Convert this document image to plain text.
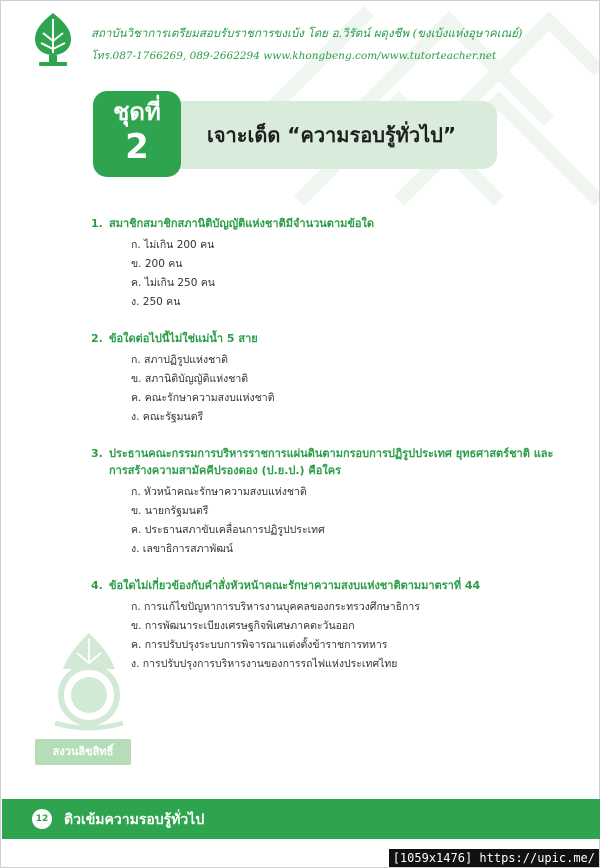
สถาบันวิชาการเตรียมสอบรับราชการขงเบ้ง โดย อ.วิรัตน์ ผดุงชีพ (ขงเบ้งแห่งอุษาคเณย์)
โทร.087-1766269, 089-2662294 www.khongbeng.com/www.tutorteacher.net
ชุดที่
2	เจาะเด็ด “ความรอบรู้ทั่วไป”
1. สมาชิกสมาชิกสภานิติบัญญัติแห่งชาติมีจำนวนตามข้อใด
ก. ไม่เกิน 200 คน
ข. 200 คน
ค. ไม่เกิน 250 คน
ง. 250 คน
2. ข้อใดต่อไปนี้ไม่ใช่แม่น้ำ 5 สาย
ก. สภาปฏิรูปแห่งชาติ
ข. สภานิติบัญญัติแห่งชาติ
ค. คณะรักษาความสงบแห่งชาติ
ง. คณะรัฐมนตรี
3. ประธานคณะกรรมการบริหารราชการแผ่นดินตามกรอบการปฏิรูปประเทศ ยุทธศาสตร์ชาติ และการสร้างความสามัคคีปรองดอง (ป.ย.ป.) คือใคร
ก. หัวหน้าคณะรักษาความสงบแห่งชาติ
ข. นายกรัฐมนตรี
ค. ประธานสภาขับเคลื่อนการปฏิรูปประเทศ
ง. เลขาธิการสภาพัฒน์
4. ข้อใดไม่เกี่ยวข้องกับคำสั่งหัวหน้าคณะรักษาความสงบแห่งชาติตามมาตราที่ 44
ก. การแก้ไขปัญหาการบริหารงานบุคคลของกระทรวงศึกษาธิการ
ข. การพัฒนาระเบียงเศรษฐกิจพิเศษภาคตะวันออก
ค. การปรับปรุงระบบการพิจารณาแต่งตั้งข้าราชการทหาร
ง. การปรับปรุงการบริหารงานของการรถไฟแห่งประเทศไทย
สงวนลิขสิทธิ์
12 ติวเข้มความรอบรู้ทั่วไป
[1059x1476] https://upic.me/
